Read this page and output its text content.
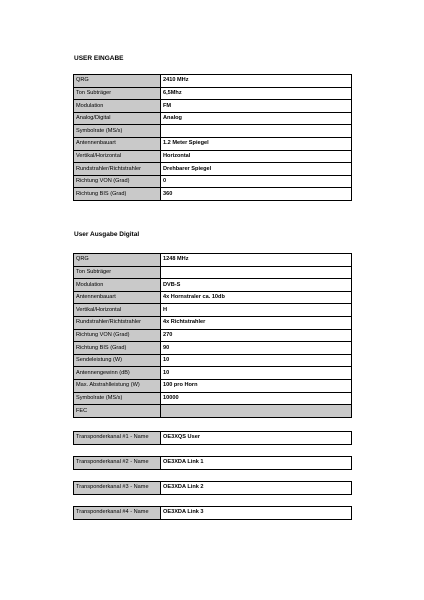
USER EINGABE
QRG	2410 MHz
Ton Subträger	6,5Mhz
Modulation	FM
Analog/Digital	Analog
Symbolrate (MS/s)	
Antennenbauart	1.2 Meter Spiegel
Vertikal/Horizontal	Horizontal
Rundstrahler/Richtstrahler	Drehbarer Spiegel
Richtung VON (Grad)	0
Richtung BIS (Grad)	360
User Ausgabe Digital
QRG	1248 MHz
Ton Subträger	
Modulation	DVB-S
Antennenbauart	4x Hornstraler ca. 10db
Vertikal/Horizontal	H
Rundstrahler/Richtstrahler	4x Richtstrahler
Richtung VON (Grad)	270
Richtung BIS (Grad)	90
Sendeleistung (W)	10
Antennengewinn (dB)	10
Max. Abstrahlleistung (W)	100 pro Horn
Symbolrate (MS/s)	10000
FEC	
Transponderkanal #1 - Name	OE3XQS User
Transponderkanal #2 - Name	OE3XDA Link 1
Transponderkanal #3 - Name	OE3XDA Link 2
Transponderkanal #4 - Name	OE3XDA Link 3
